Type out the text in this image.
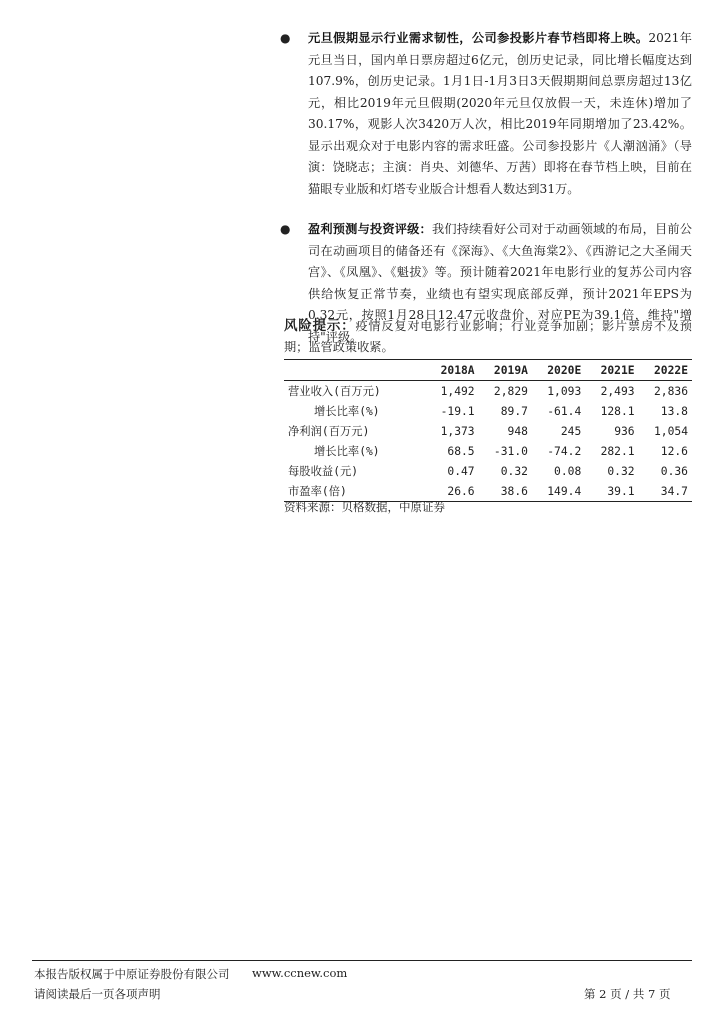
● 元旦假期显示行业需求韧性，公司参投影片春节档即将上映。2021年元旦当日，国内单日票房超过6亿元，创历史记录，同比增长幅度达到107.9%，创历史记录。1月1日-1月3日3天假期期间总票房超过13亿元，相比2019年元旦假期(2020年元旦仅放假一天，未连休)增加了30.17%，观影人次3420万人次，相比2019年同期增加了23.42%。显示出观众对于电影内容的需求旺盛。公司参投影片《人潮汹涌》（导演：饶晓志；主演：肖央、刘德华、万茜）即将在春节档上映，目前在猫眼专业版和灯塔专业版合计想看人数达到31万。

● 盈利预测与投资评级：我们持续看好公司对于动画领域的布局，目前公司在动画项目的储备还有《深海》、《大鱼海棠2》、《西游记之大圣闹天宫》、《凤凰》、《魁拔》等。预计随着2021年电影行业的复苏公司内容供给恢复正常节奏，业绩也有望实现底部反弹，预计2021年EPS为0.32元，按照1月28日12.47元收盘价，对应PE为39.1倍，维持"增持"评级。

风险提示：疫情反复对电影行业影响；行业竞争加剧；影片票房不及预期；监管政策收紧。
	2018A	2019A	2020E	2021E	2022E
营业收入(百万元)	1,492	2,829	1,093	2,493	2,836
增长比率(%)	-19.1	89.7	-61.4	128.1	13.8
净利润(百万元)	1,373	948	245	936	1,054
增长比率(%)	68.5	-31.0	-74.2	282.1	12.6
每股收益(元)	0.47	0.32	0.08	0.32	0.36
市盈率(倍)	26.6	38.6	149.4	39.1	34.7
资料来源：贝格数据，中原证券
本报告版权属于中原证券股份有限公司 www.ccnew.com
请阅读最后一页各项声明	第 2 页 / 共 7 页
